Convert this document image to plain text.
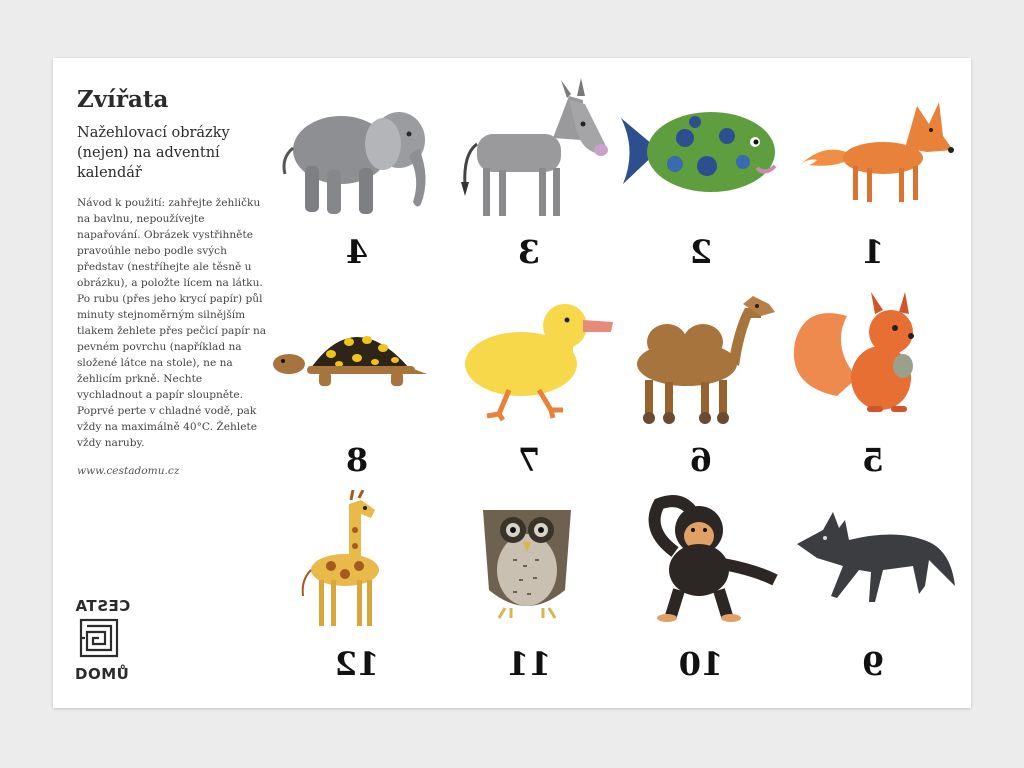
Zvířata
Nažehlovací obrázky (nejen) na adventní kalendář

Návod k použití: zahřejte žehličku na bavlnu, nepoužívejte napařování. Obrázek vystřihněte pravoúhle nebo podle svých představ (nestříhejte ale těsně u obrázku), a položte lícem na látku. Po rubu (přes jeho krycí papír) půl minuty stejnoměrným silnějším tlakem žehlete přes pečicí papír na pevném povrchu (například na složené látce na stole), ne na žehlicím prkně. Nechte vychladnout a papír sloupněte. Poprvé perte v chladné vodě, pak vždy na maximálně 40°C. Žehlete vždy naruby.

www.cestadomu.cz
CESTA
DOMŮ
4	3	2	1
8	7	6	5
12	11	10	9
